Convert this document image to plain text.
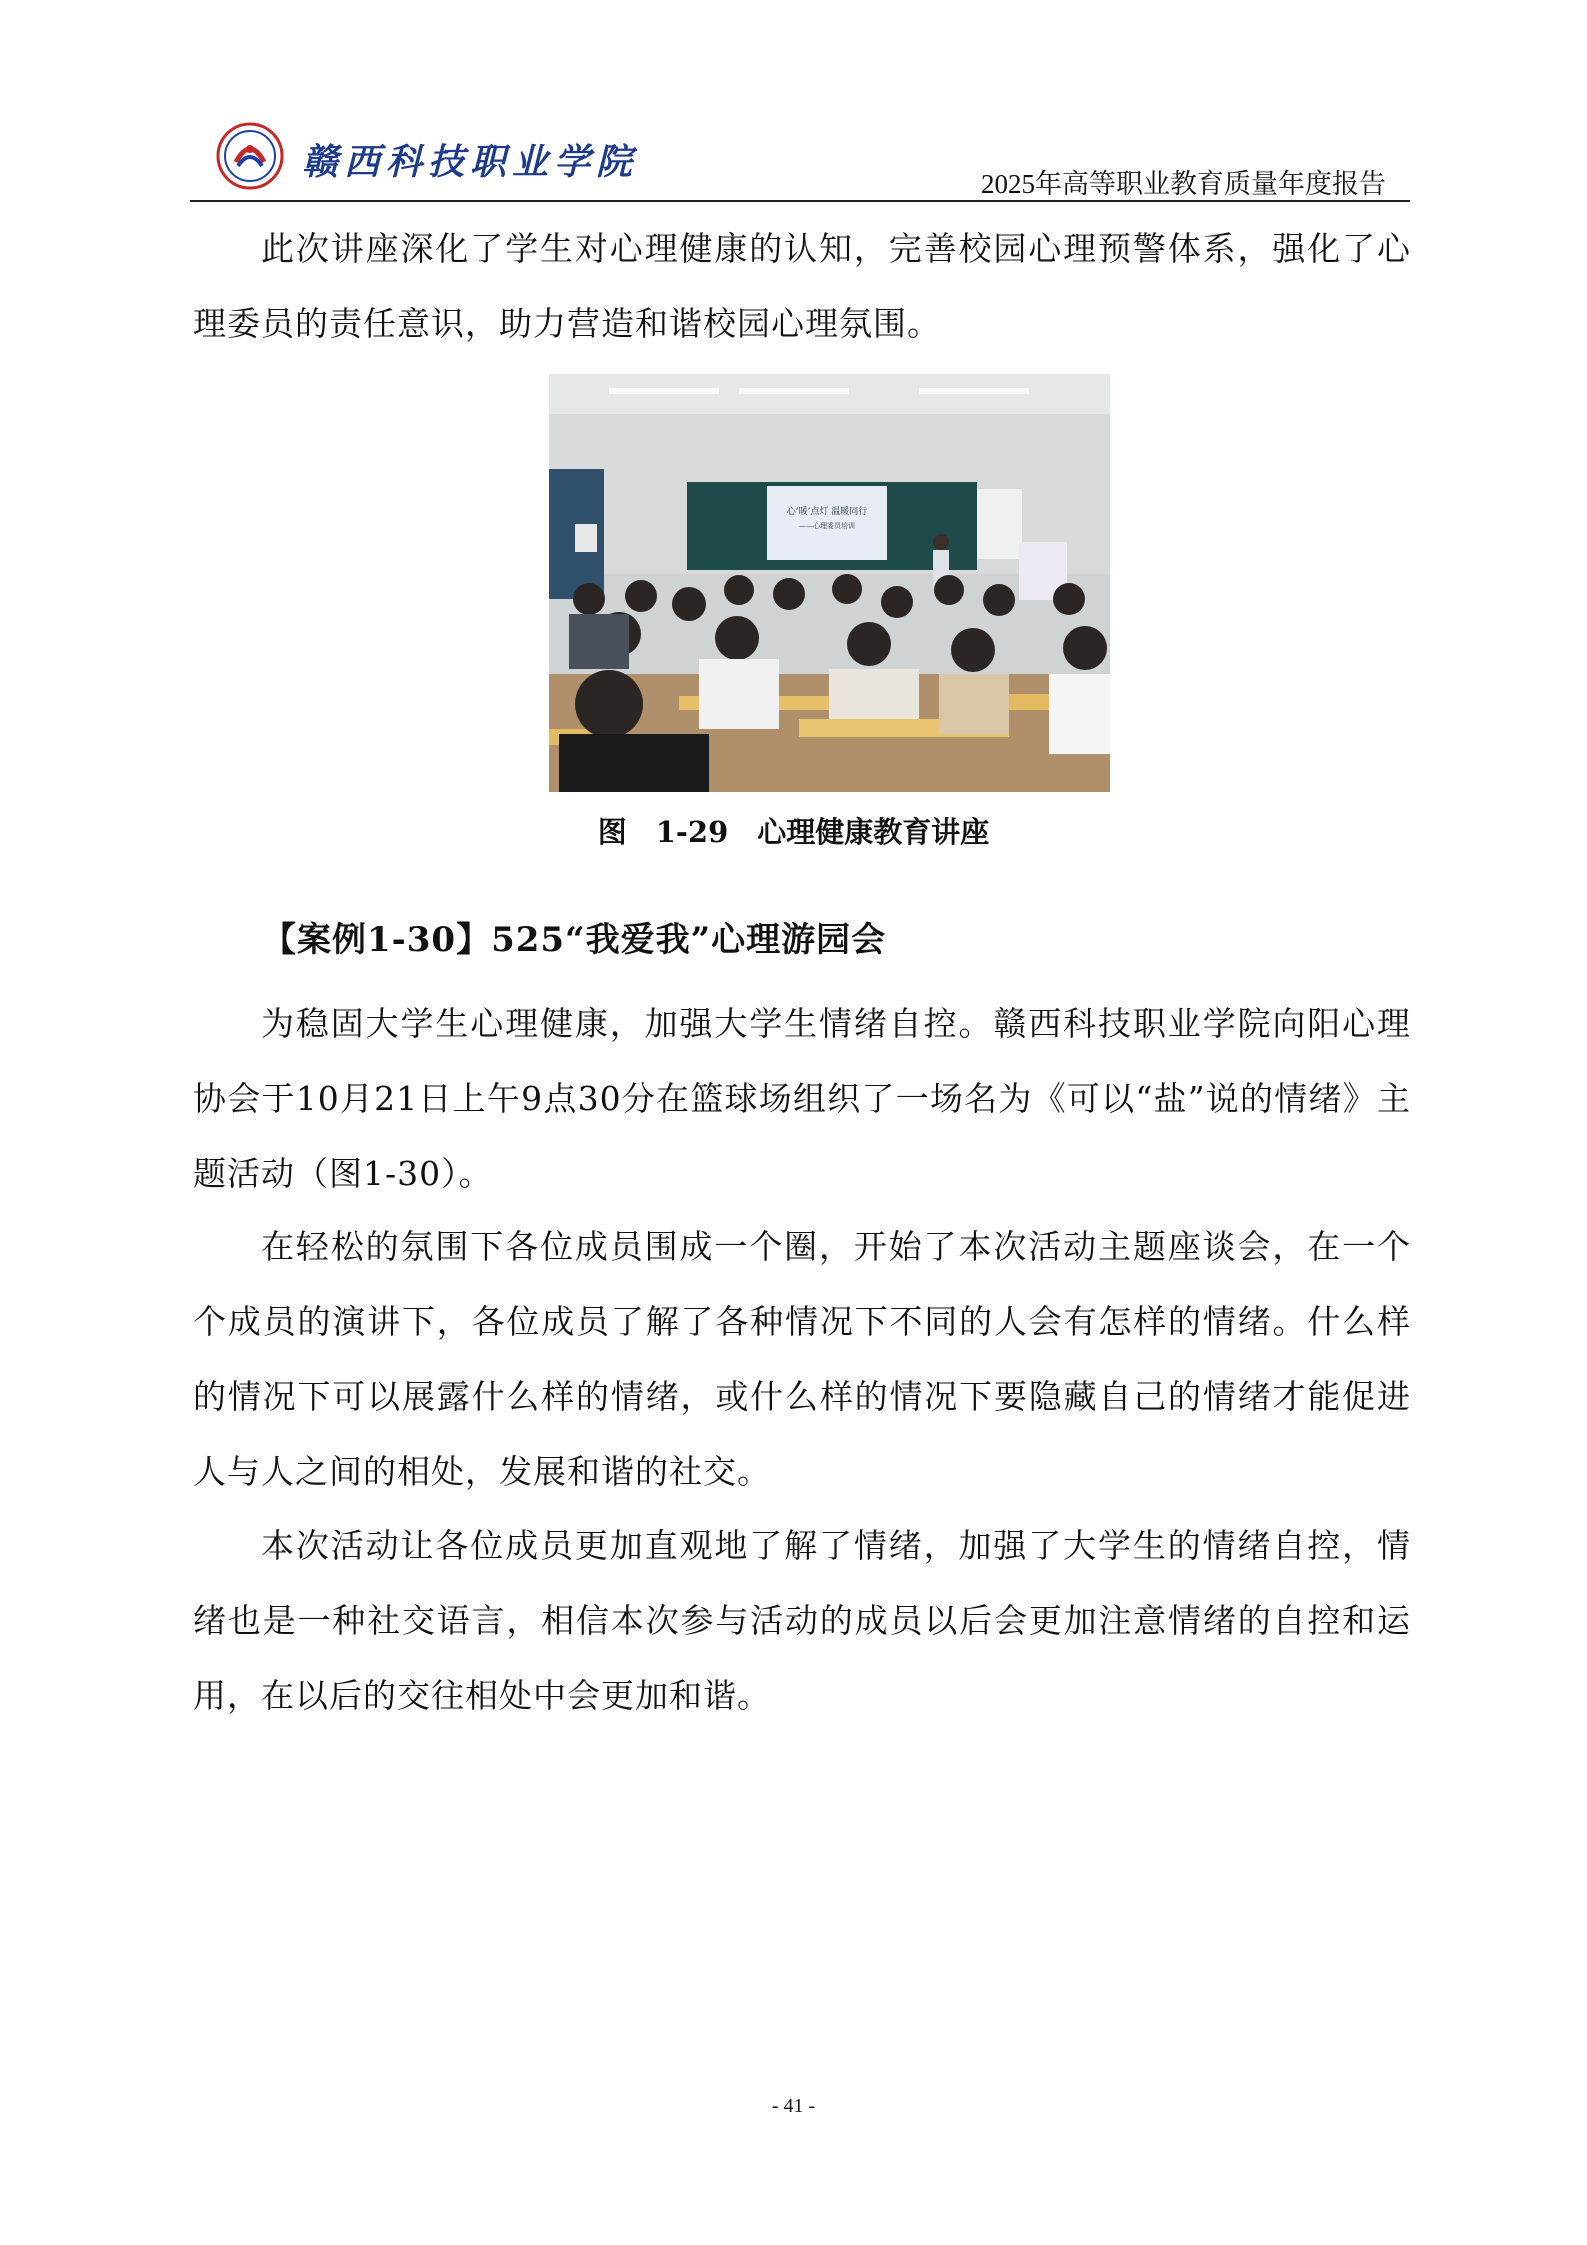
赣西科技职业学院
2025年高等职业教育质量年度报告

此次讲座深化了学生对心理健康的认知，完善校园心理预警体系，强化了心理委员的责任意识，助力营造和谐校园心理氛围。

心‘暖’点灯 温暖同行
——心理委员培训
图　1-29　心理健康教育讲座
【案例1-30】525“我爱我”心理游园会

为稳固大学生心理健康，加强大学生情绪自控。赣西科技职业学院向阳心理协会于10月21日上午9点30分在篮球场组织了一场名为《可以“盐”说的情绪》主题活动（图1-30）。

在轻松的氛围下各位成员围成一个圈，开始了本次活动主题座谈会，在一个个成员的演讲下，各位成员了解了各种情况下不同的人会有怎样的情绪。什么样的情况下可以展露什么样的情绪，或什么样的情况下要隐藏自己的情绪才能促进人与人之间的相处，发展和谐的社交。

本次活动让各位成员更加直观地了解了情绪，加强了大学生的情绪自控，情绪也是一种社交语言，相信本次参与活动的成员以后会更加注意情绪的自控和运用，在以后的交往相处中会更加和谐。

- 41 -
